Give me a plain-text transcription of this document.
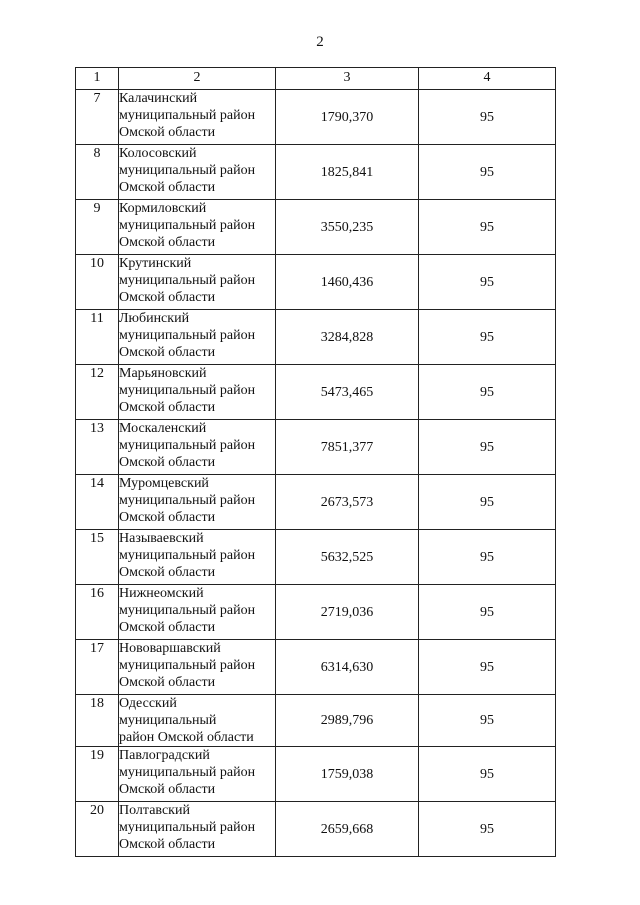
2
1	2	3	4
7	Калачинский
муниципальный район
Омской области	1790,370	95
8	Колосовский
муниципальный район
Омской области	1825,841	95
9	Кормиловский
муниципальный район
Омской области	3550,235	95
10	Крутинский
муниципальный район
Омской области	1460,436	95
11	Любинский
муниципальный район
Омской области	3284,828	95
12	Марьяновский
муниципальный район
Омской области	5473,465	95
13	Москаленский
муниципальный район
Омской области	7851,377	95
14	Муромцевский
муниципальный район
Омской области	2673,573	95
15	Называевский
муниципальный район
Омской области	5632,525	95
16	Нижнеомский
муниципальный район
Омской области	2719,036	95
17	Нововаршавский
муниципальный район
Омской области	6314,630	95
18	Одесский муниципальный
район Омской области	2989,796	95
19	Павлоградский
муниципальный район
Омской области	1759,038	95
20	Полтавский
муниципальный район
Омской области	2659,668	95
